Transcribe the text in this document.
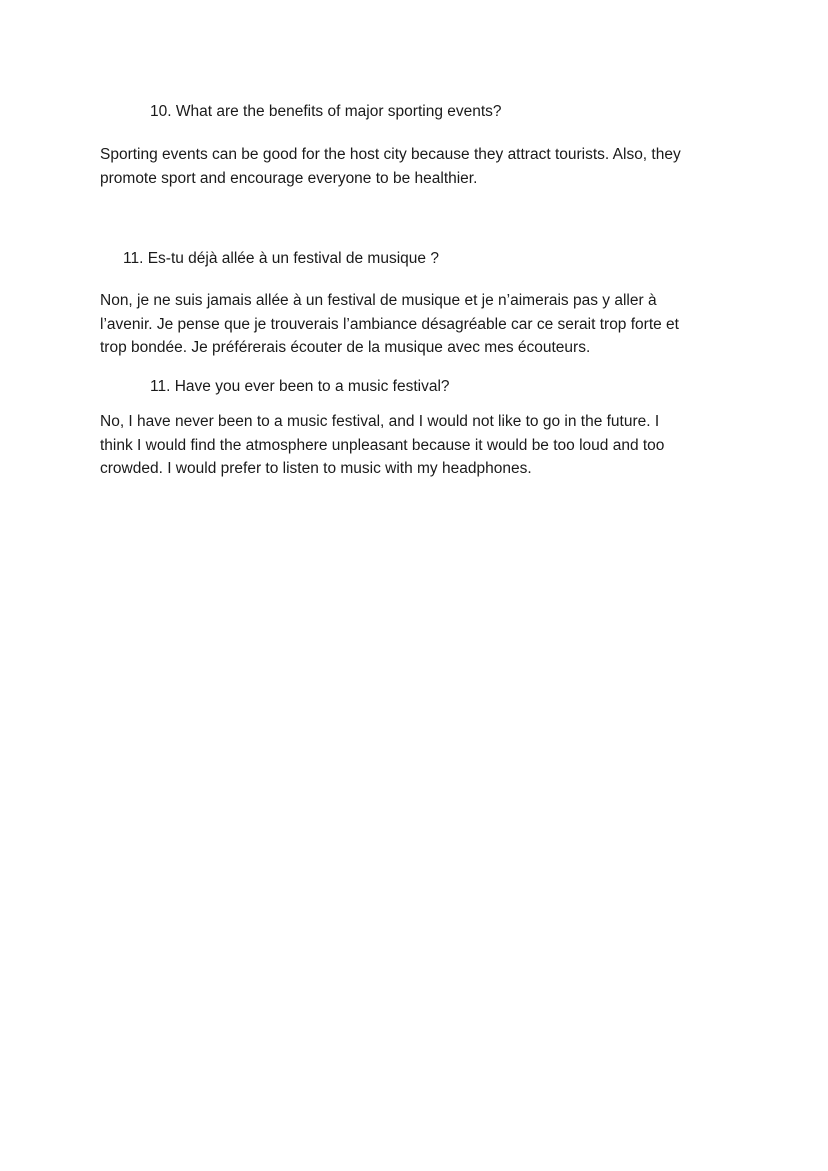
10. What are the benefits of major sporting events?
Sporting events can be good for the host city because they attract tourists. Also, they
promote sport and encourage everyone to be healthier.
11. Es-tu déjà allée à un festival de musique ?
Non, je ne suis jamais allée à un festival de musique et je n’aimerais pas y aller à
l’avenir. Je pense que je trouverais l’ambiance désagréable car ce serait trop forte et
trop bondée. Je préférerais écouter de la musique avec mes écouteurs.
11. Have you ever been to a music festival?
No, I have never been to a music festival, and I would not like to go in the future. I
think I would find the atmosphere unpleasant because it would be too loud and too
crowded. I would prefer to listen to music with my headphones.
